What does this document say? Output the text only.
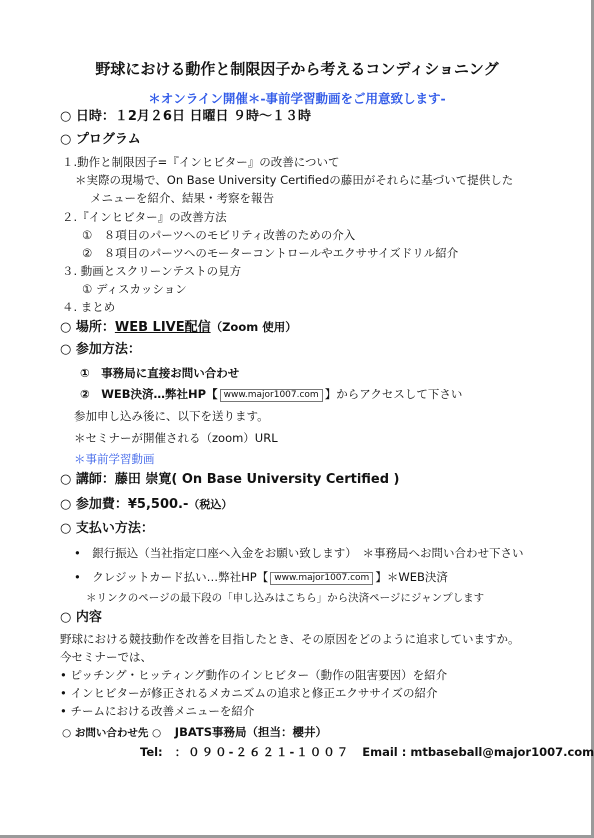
野球における動作と制限因子から考えるコンディショニング
＊オンライン開催＊-事前学習動画をご用意致します-
○ 日時：１2月２6日 日曜日 ９時〜１３時
○ プログラム
１.動作と制限因子=『インヒビター』の改善について
＊実際の現場で、On Base University Certifiedの藤田がそれらに基づいて提供した
メニューを紹介、結果・考察を報告
２.『インヒビター』の改善方法
①　８項目のパーツへのモビリティ改善のための介入
②　８項目のパーツへのモーターコントロールやエクササイズドリル紹介
３. 動画とスクリーンテストの見方
① ディスカッション
４. まとめ
○ 場所：WEB LIVE配信（Zoom 使用）
○ 参加方法：
①　事務局に直接お問い合わせ
②　WEB決済…弊社HP【 www.major1007.com 】からアクセスして下さい
参加申し込み後に、以下を送ります。
＊セミナーが開催される（zoom）URL
＊事前学習動画
○ 講師：藤田 崇寛( On Base University Certified )
○ 参加費：¥5,500.-（税込）
○ 支払い方法：
•　銀行振込（当社指定口座へ入金をお願い致します）　＊事務局へお問い合わせ下さい
•　クレジットカード払い…弊社HP【 www.major1007.com 】＊WEB決済
＊リンクのページの最下段の「申し込みはこちら」から決済ページにジャンプします
○ 内容
野球における競技動作を改善を目指したとき、その原因をどのように追求していますか。
今セミナーでは、
• ピッチング・ヒッティング動作のインヒビター（動作の阻害要因）を紹介
• インヒビターが修正されるメカニズムの追求と修正エクササイズの紹介
• チームにおける改善メニューを紹介
○ お問い合わせ先 ○ JBATS事務局（担当：櫻井）
Tel: ：０９０-２６２１-１００７ Email : mtbaseball@major1007.com
